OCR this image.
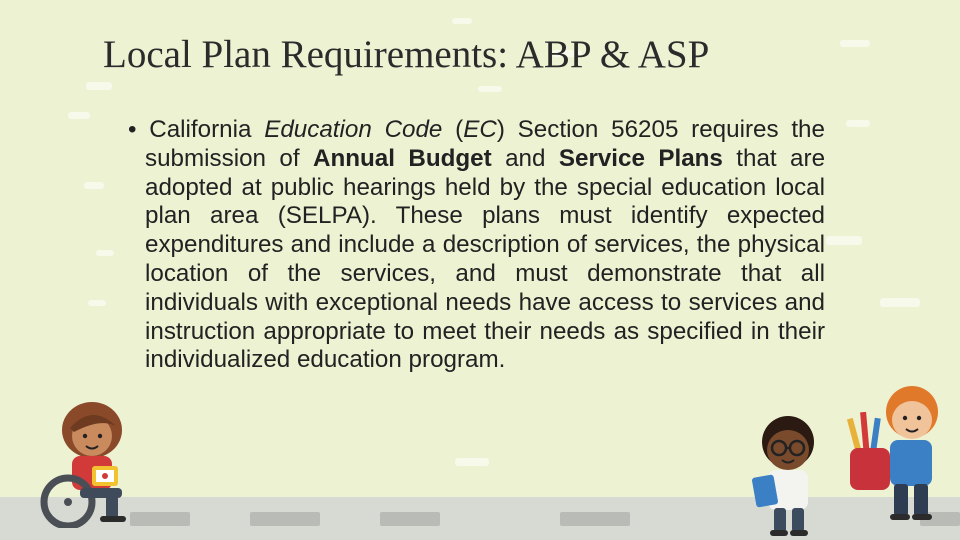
Local Plan Requirements: ABP & ASP

• California Education Code (EC) Section 56205 requires the submission of Annual Budget and Service Plans that are adopted at public hearings held by the special education local plan area (SELPA). These plans must identify expected expenditures and include a description of services, the physical location of the services, and must demonstrate that all individuals with exceptional needs have access to services and instruction appropriate to meet their needs as specified in their individualized education program.
